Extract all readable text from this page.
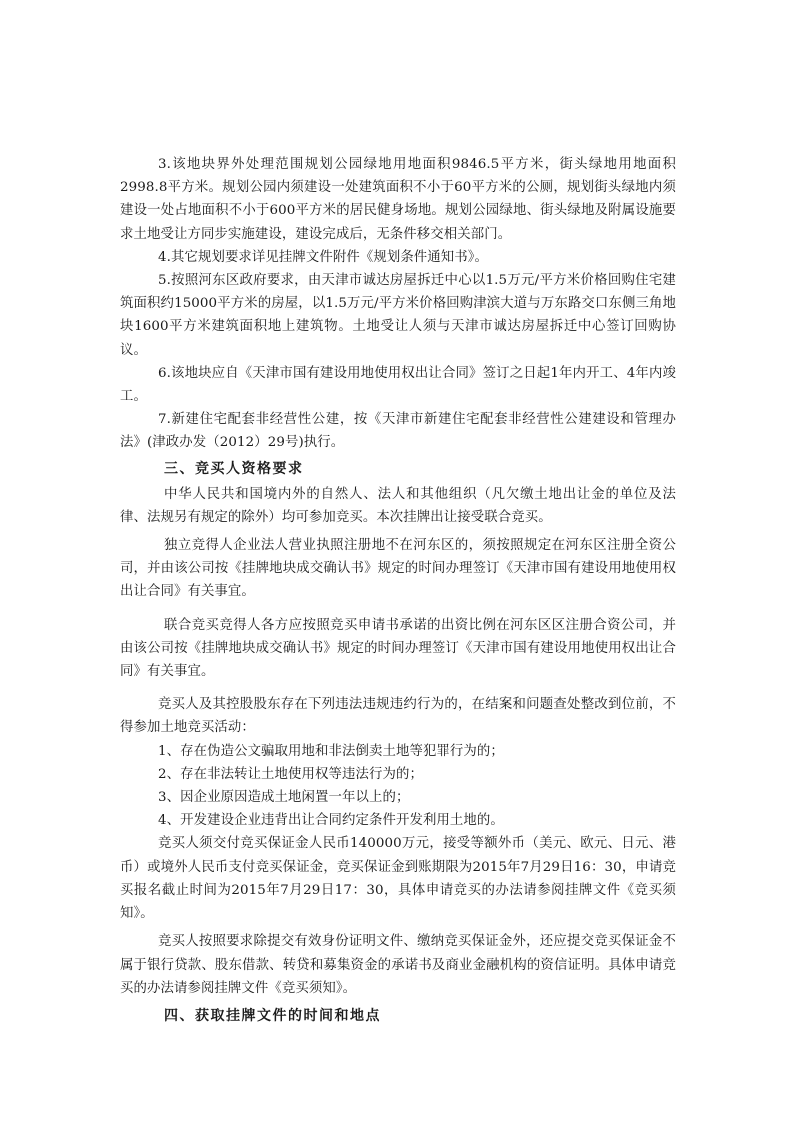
3.该地块界外处理范围规划公园绿地用地面积9846.5平方米，街头绿地用地面积2998.8平方米。规划公园内须建设一处建筑面积不小于60平方米的公厕，规划街头绿地内须建设一处占地面积不小于600平方米的居民健身场地。规划公园绿地、街头绿地及附属设施要求土地受让方同步实施建设，建设完成后，无条件移交相关部门。

4.其它规划要求详见挂牌文件附件《规划条件通知书》。

5.按照河东区政府要求，由天津市诚达房屋拆迁中心以1.5万元/平方米价格回购住宅建筑面积约15000平方米的房屋，以1.5万元/平方米价格回购津滨大道与万东路交口东侧三角地块1600平方米建筑面积地上建筑物。土地受让人须与天津市诚达房屋拆迁中心签订回购协议。

6.该地块应自《天津市国有建设用地使用权出让合同》签订之日起1年内开工、4年内竣工。

7.新建住宅配套非经营性公建，按《天津市新建住宅配套非经营性公建建设和管理办法》(津政办发（2012）29号)执行。

三、竞买人资格要求

中华人民共和国境内外的自然人、法人和其他组织（凡欠缴土地出让金的单位及法律、法规另有规定的除外）均可参加竞买。本次挂牌出让接受联合竞买。

独立竞得人企业法人营业执照注册地不在河东区的，须按照规定在河东区注册全资公司，并由该公司按《挂牌地块成交确认书》规定的时间办理签订《天津市国有建设用地使用权出让合同》有关事宜。

联合竞买竞得人各方应按照竞买申请书承诺的出资比例在河东区区注册合资公司，并由该公司按《挂牌地块成交确认书》规定的时间办理签订《天津市国有建设用地使用权出让合同》有关事宜。

竞买人及其控股股东存在下列违法违规违约行为的，在结案和问题查处整改到位前，不得参加土地竞买活动：

1、存在伪造公文骗取用地和非法倒卖土地等犯罪行为的；

2、存在非法转让土地使用权等违法行为的；

3、因企业原因造成土地闲置一年以上的；

4、开发建设企业违背出让合同约定条件开发利用土地的。

竞买人须交付竞买保证金人民币140000万元，接受等额外币（美元、欧元、日元、港币）或境外人民币支付竞买保证金，竞买保证金到账期限为2015年7月29日16：30，申请竞买报名截止时间为2015年7月29日17：30，具体申请竞买的办法请参阅挂牌文件《竞买须知》。

竞买人按照要求除提交有效身份证明文件、缴纳竞买保证金外，还应提交竞买保证金不属于银行贷款、股东借款、转贷和募集资金的承诺书及商业金融机构的资信证明。具体申请竞买的办法请参阅挂牌文件《竞买须知》。

四、获取挂牌文件的时间和地点
